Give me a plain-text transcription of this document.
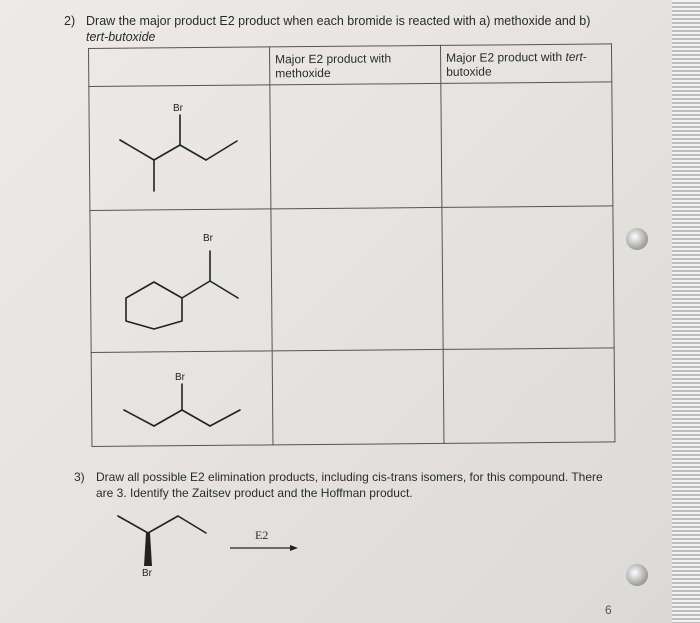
2) Draw the major product E2 product when each bromide is reacted with a) methoxide and b)
tert-butoxide

	Major E2 product with methoxide	Major E2 product with tert-butoxide

Br
Br
Br
3) Draw all possible E2 elimination products, including cis-trans isomers, for this compound. There
are 3. Identify the Zaitsev product and the Hoffman product.
Br
E2
6
